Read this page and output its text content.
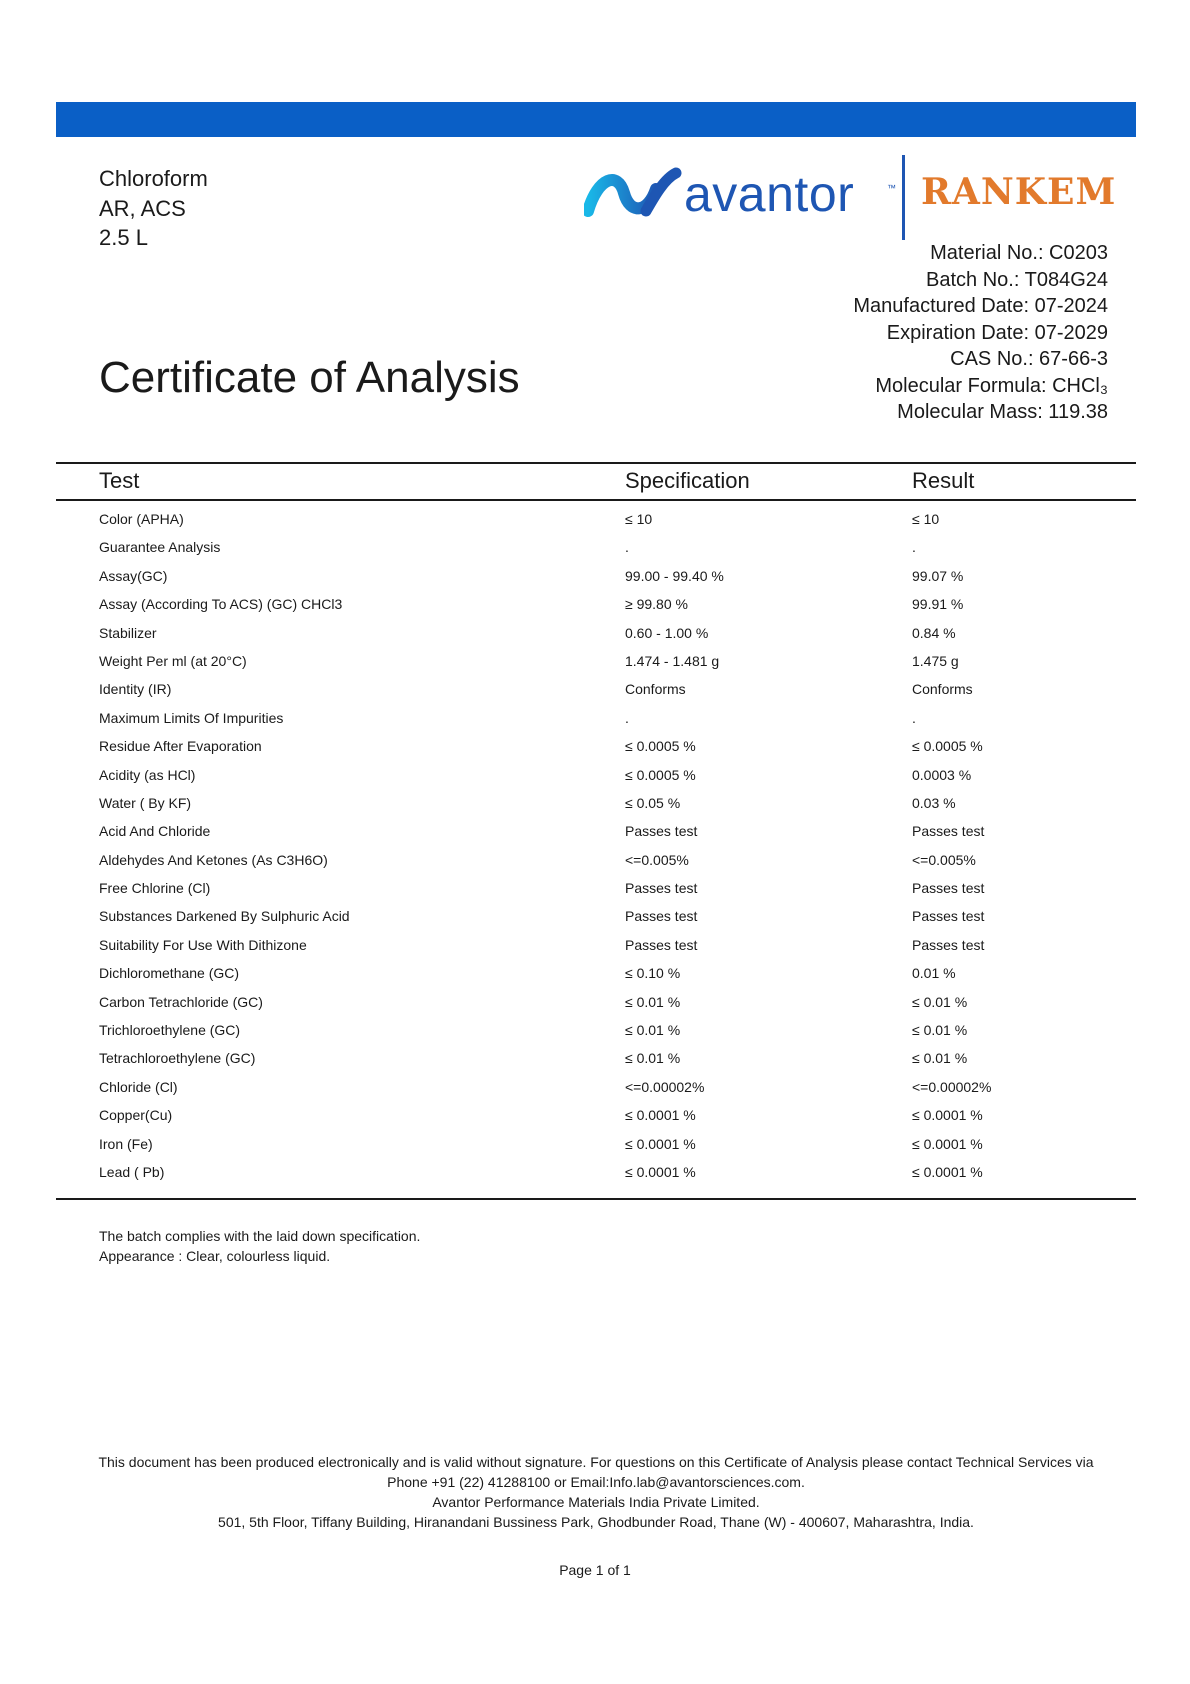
Chloroform
AR, ACS
2.5 L
avantor	™ RANKEM
Material No.: C0203
Batch No.: T084G24
Manufactured Date: 07-2024
Expiration Date: 07-2029
CAS No.: 67-66-3
Molecular Formula: CHCl₃
Molecular Mass: 119.38
Certificate of Analysis
Test	Specification	Result
Color (APHA)	≤ 10	≤ 10
Guarantee Analysis	.	.
Assay(GC)	99.00 - 99.40 %	99.07 %
Assay (According To ACS) (GC) CHCl3	≥ 99.80 %	99.91 %
Stabilizer	0.60 - 1.00 %	0.84 %
Weight Per ml (at 20°C)	1.474 - 1.481 g	1.475 g
Identity (IR)	Conforms	Conforms
Maximum Limits Of Impurities	.	.
Residue After Evaporation	≤ 0.0005 %	≤ 0.0005 %
Acidity (as HCl)	≤ 0.0005 %	0.0003 %
Water ( By KF)	≤ 0.05 %	0.03 %
Acid And Chloride	Passes test	Passes test
Aldehydes And Ketones (As C3H6O)	<=0.005%	<=0.005%
Free Chlorine (Cl)	Passes test	Passes test
Substances Darkened By Sulphuric Acid	Passes test	Passes test
Suitability For Use With Dithizone	Passes test	Passes test
Dichloromethane (GC)	≤ 0.10 %	0.01 %
Carbon Tetrachloride (GC)	≤ 0.01 %	≤ 0.01 %
Trichloroethylene (GC)	≤ 0.01 %	≤ 0.01 %
Tetrachloroethylene (GC)	≤ 0.01 %	≤ 0.01 %
Chloride (Cl)	<=0.00002%	<=0.00002%
Copper(Cu)	≤ 0.0001 %	≤ 0.0001 %
Iron (Fe)	≤ 0.0001 %	≤ 0.0001 %
Lead ( Pb)	≤ 0.0001 %	≤ 0.0001 %
The batch complies with the laid down specification.
Appearance : Clear, colourless liquid.
This document has been produced electronically and is valid without signature. For questions on this Certificate of Analysis please contact Technical Services via
Phone +91 (22) 41288100 or Email:Info.lab@avantorsciences.com.
Avantor Performance Materials India Private Limited.
501, 5th Floor, Tiffany Building, Hiranandani Bussiness Park, Ghodbunder Road, Thane (W) - 400607, Maharashtra, India.
Page 1 of 1
